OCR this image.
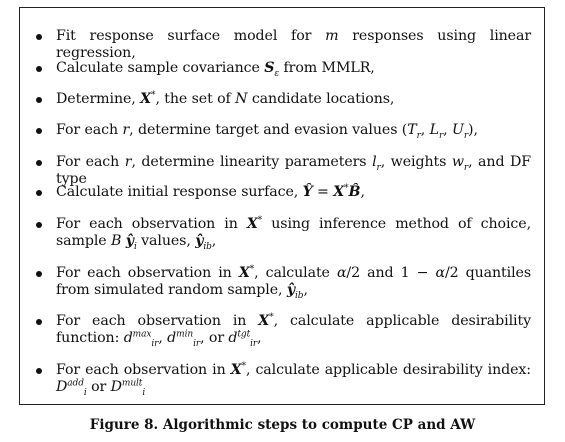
Fit response surface model for m responses using linear regression,
Calculate sample covariance $S_\varepsilon$ from MMLR,
Determine, X*, the set of N candidate locations,
For each r, determine target and evasion values ($T_r$, $L_r$, $U_r$),
For each r, determine linearity parameters $l_r$, weights $w_r$, and DF type
Calculate initial response surface, Ŷ = X*B̂,
For each observation in X* using inference method of choice, sample B $ŷ_i$ values, $ŷ_{ib}$,
For each observation in X*, calculate α/2 and 1 − α/2 quantiles from simulated random sample, $ŷ_{ib}$,
For each observation in X*, calculate applicable desirability function: $d^{max}_{ir}$, $d^{min}_{ir}$, or $d^{tgt}_{ir}$,
For each observation in X*, calculate applicable desirability index: $D^{add}_i$ or $D^{mult}_i$
Figure 8. Algorithmic steps to compute CP and AW
